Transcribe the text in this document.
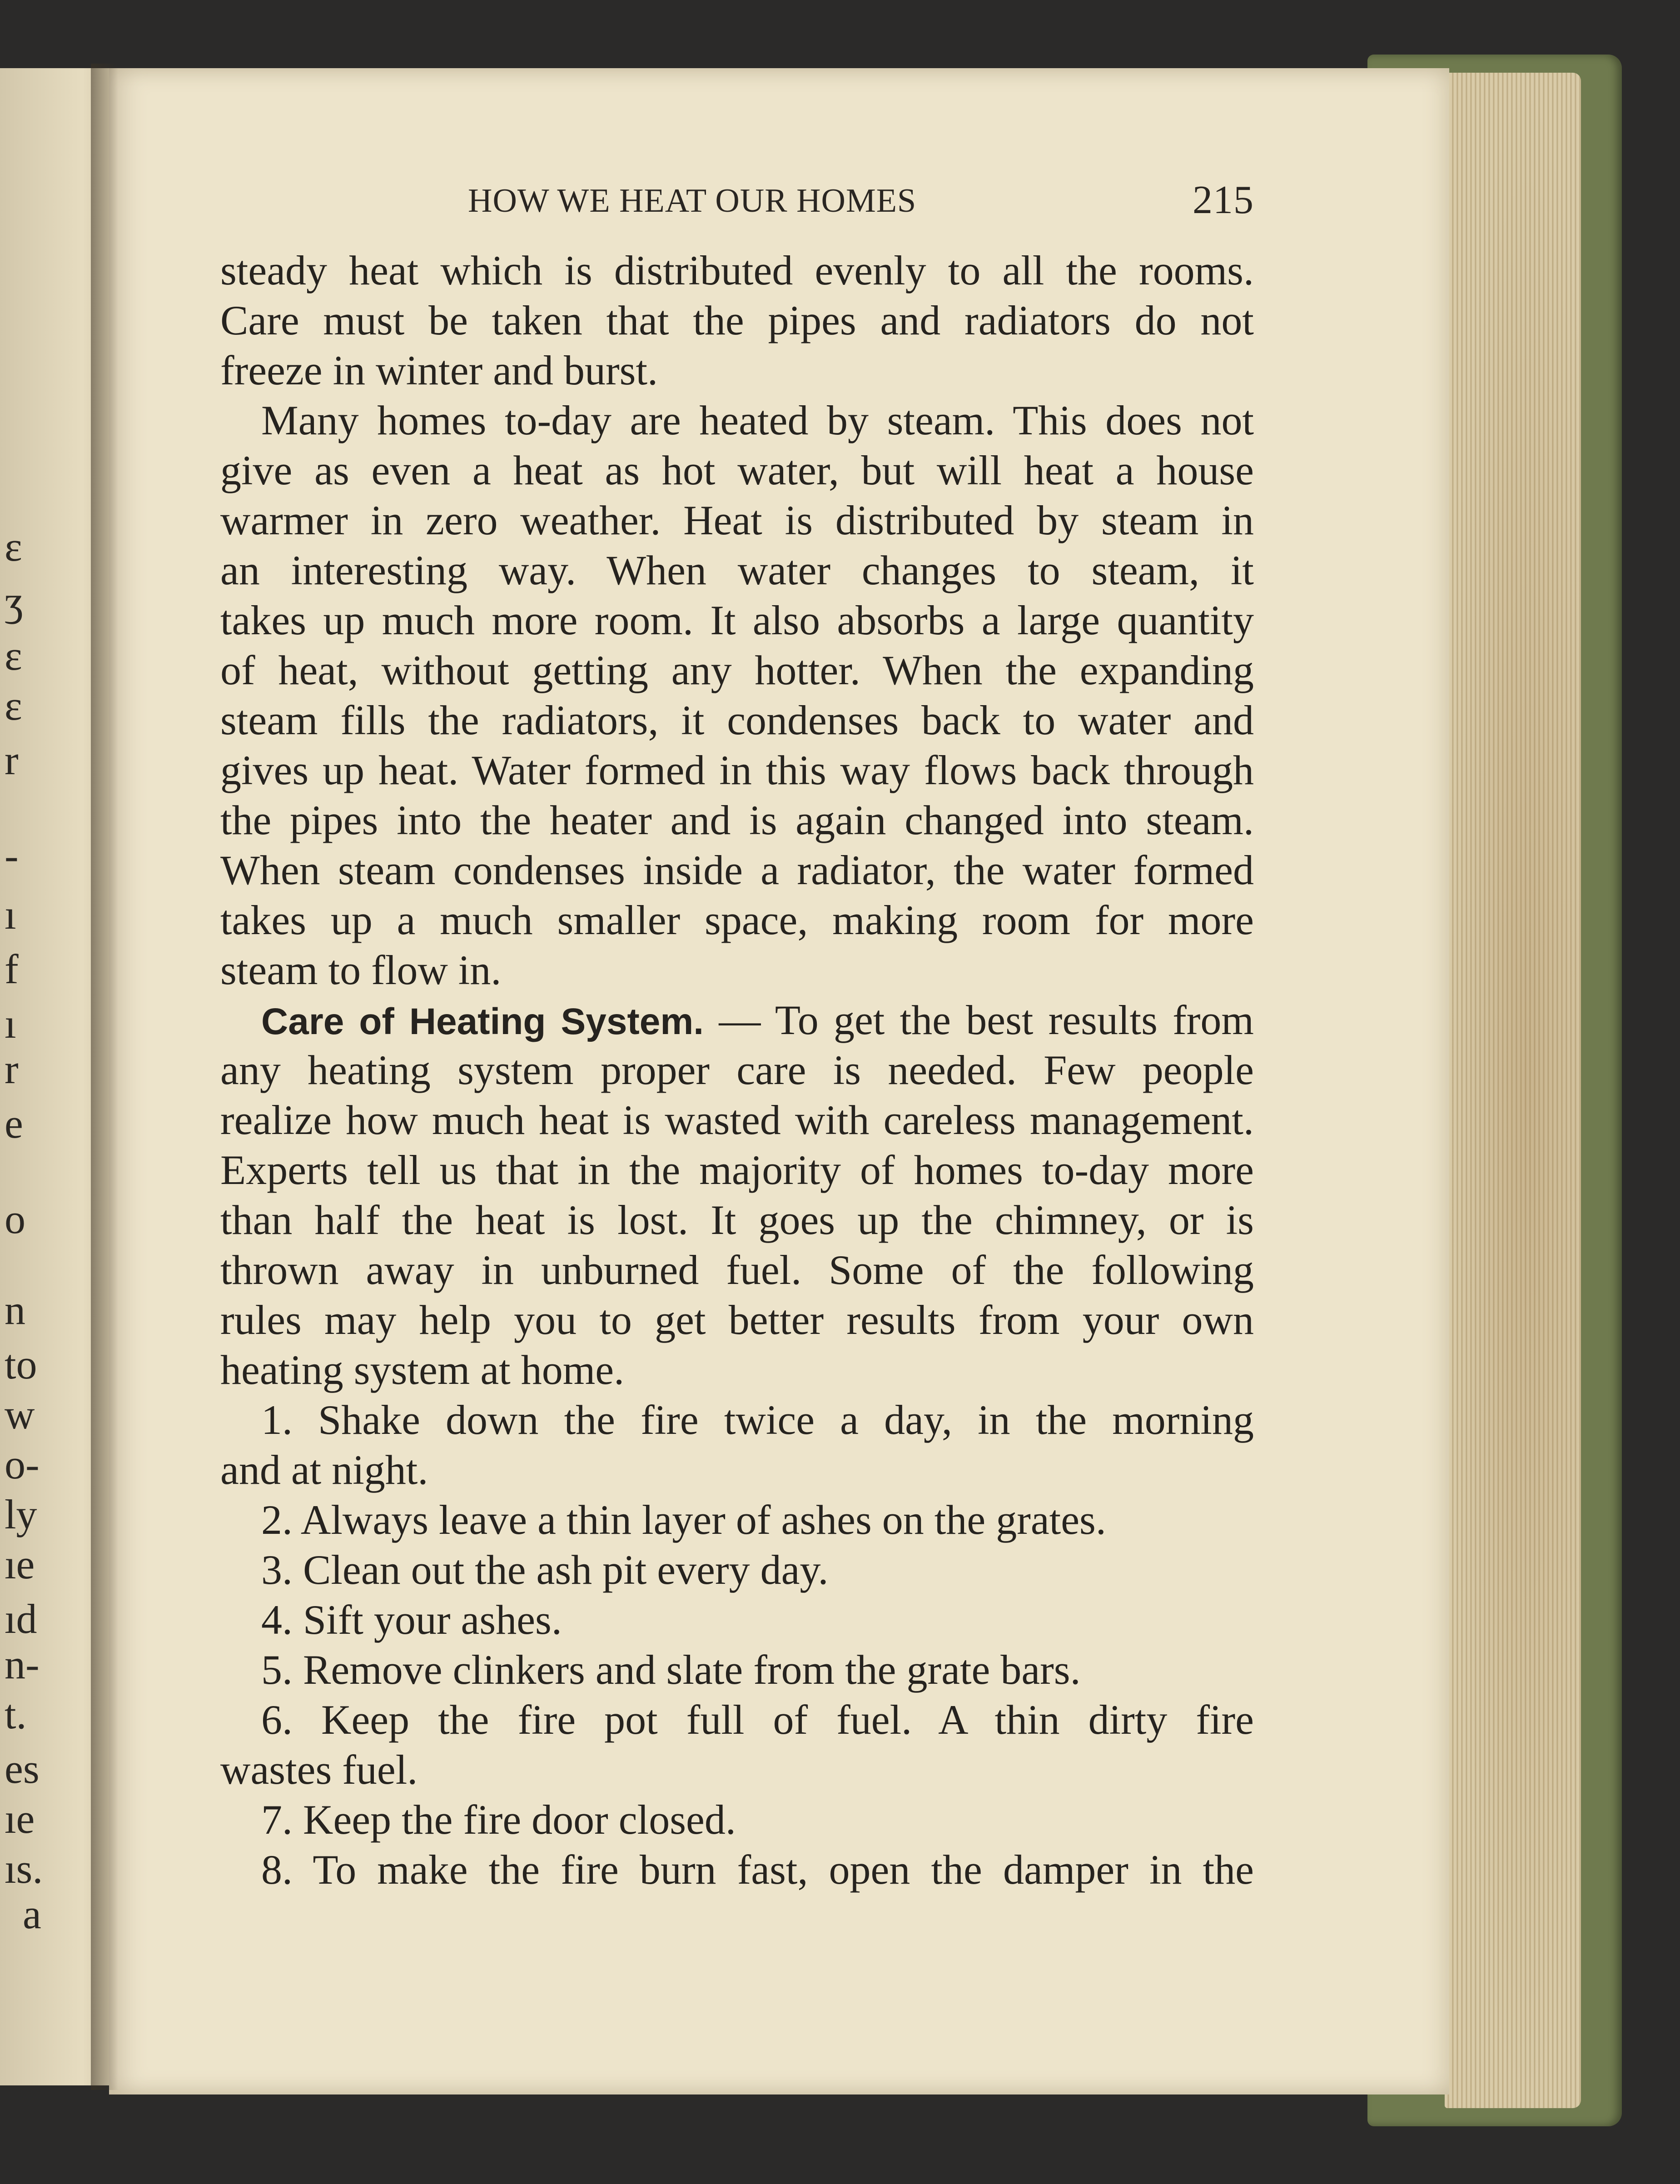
ɛ
ʒ
ɛ
ɛ
r
-
ı
f
ı
r
e
o
n
to
w
o-
ly
ıe
ıd
n-
t.
es
ıe
ıs.
a
HOW WE HEAT OUR HOMES	215
steady heat which is distributed evenly to all the rooms.
Care must be taken that the pipes and radiators do not
freeze in winter and burst.
Many homes to-day are heated by steam. This does not
give as even a heat as hot water, but will heat a house
warmer in zero weather. Heat is distributed by steam in
an interesting way. When water changes to steam, it
takes up much more room. It also absorbs a large quantity
of heat, without getting any hotter. When the expanding
steam fills the radiators, it condenses back to water and
gives up heat. Water formed in this way flows back through
the pipes into the heater and is again changed into steam.
When steam condenses inside a radiator, the water formed
takes up a much smaller space, making room for more
steam to flow in.
Care of Heating System. — To get the best results from
any heating system proper care is needed. Few people
realize how much heat is wasted with careless management.
Experts tell us that in the majority of homes to-day more
than half the heat is lost. It goes up the chimney, or is
thrown away in unburned fuel. Some of the following
rules may help you to get better results from your own
heating system at home.
1. Shake down the fire twice a day, in the morning
and at night.
2. Always leave a thin layer of ashes on the grates.
3. Clean out the ash pit every day.
4. Sift your ashes.
5. Remove clinkers and slate from the grate bars.
6. Keep the fire pot full of fuel. A thin dirty fire
wastes fuel.
7. Keep the fire door closed.
8. To make the fire burn fast, open the damper in the
